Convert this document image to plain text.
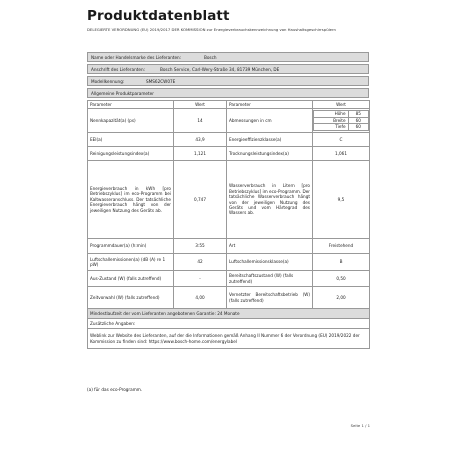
Produktdatenblatt
DELEGIERTE VERORDNUNG (EU) 2019/2017 DER KOMMISSION zur Energieverbrauchskennzeichnung von Haushaltsgeschirrspülern
Name oder Handelsmarke des Lieferanten:	Bosch
Anschrift des Lieferanten:	Bosch Service, Carl-Wery-Straße 34, 81739 München, DE
Modellkennung:	SMS62CW07E
Allgemeine Produktparameter
Parameter	Wert	Parameter	Wert
Nennkapazität(a) (ps)	14	Abmessungen in cm	
Höhe	85
Breite	60
Tiefe	60

EEI(a)	43,9	Energieeffizienzklasse(a)	C
Reinigungsleistungsindex(a)	1,121	Trocknungsleistungsindex(a)	1,061
Energieverbrauch in kWh [pro Betriebszyklus] im eco-Programm bei Kaltwasseranschluss. Der tatsächliche Energieverbrauch hängt von der jeweiligen Nutzung des Geräts ab.	0,747	Wasserverbrauch in Litern [pro Betriebszyklus] im eco-Programm. Der tatsächliche Wasserverbrauch hängt von der jeweiligen Nutzung des Geräts und vom Härtegrad des Wassers ab.	9,5
Programmdauer(a) (h:min)	3:55	Art	Freistehend
Luftschallemissionen(a) (dB (A) re 1 pW)	42	Luftschallemissionsklasse(a)	B
Aus-Zustand (W) (falls zutreffend)	-	Bereitschaftszustand (W) (falls zutreffend)	0,50
Zeitvorwahl (W) (falls zutreffend)	4,00	Vernetzter Bereitschaftsbetrieb (W) (falls zutreffend)	2,00
Mindestlaufzeit der vom Lieferanten angebotenen Garantie: 24 Monate
Zusätzliche Angaben:
Weblink zur Website des Lieferanten, auf der die Informationen gemäß Anhang II Nummer 6 der Verordnung (EU) 2019/2022 der Kommission zu finden sind: https://www.bosch-home.com/energylabel
(a) für das eco-Programm.
Seite 1 / 1
